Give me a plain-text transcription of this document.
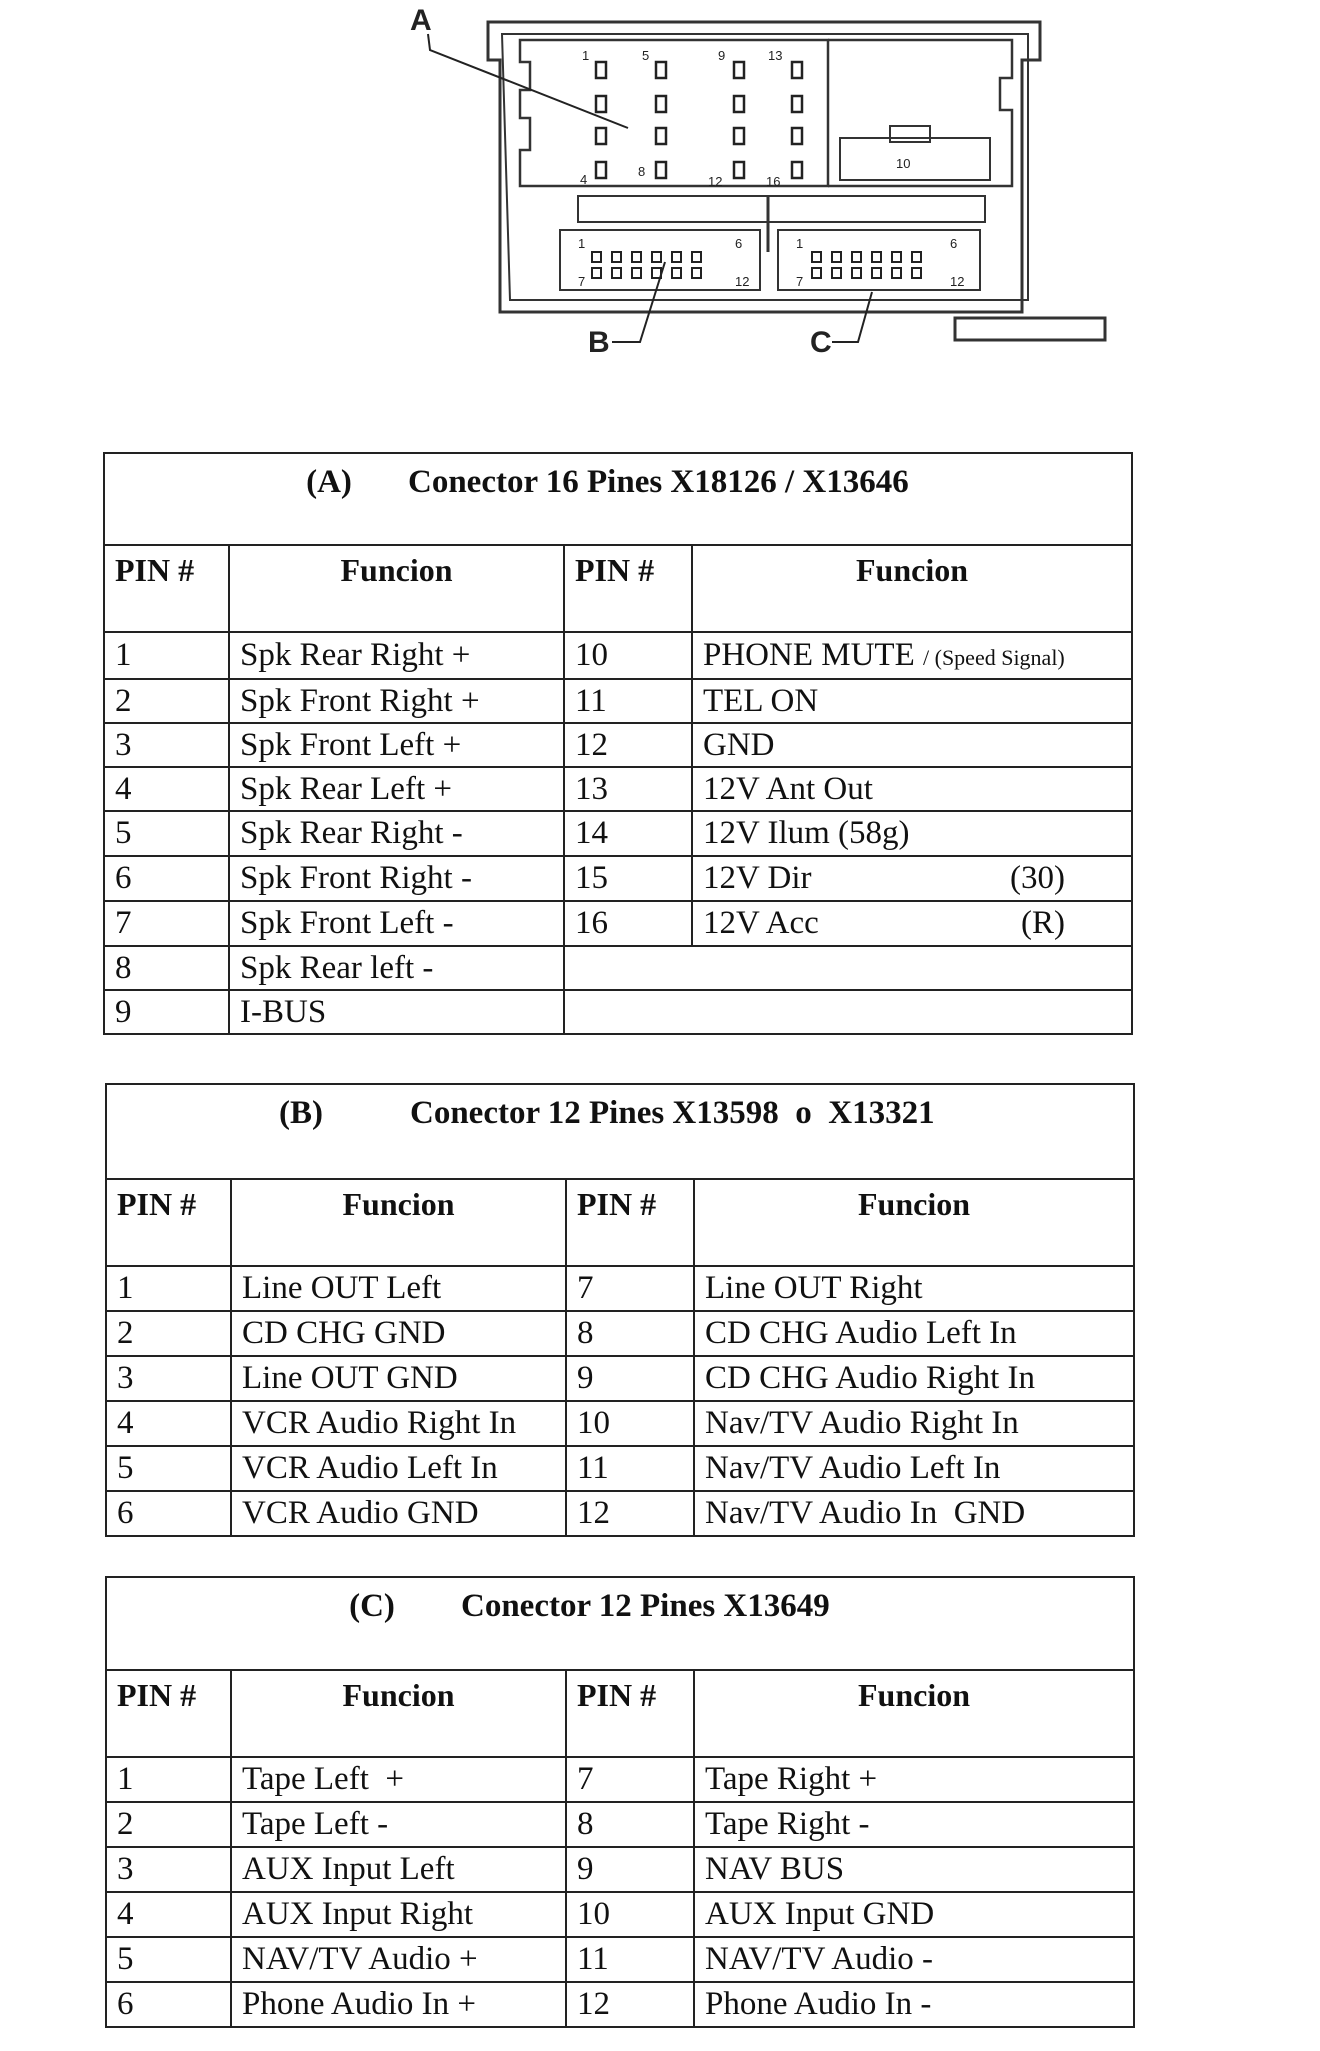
A
B	C
1	5	9	13
4
8
12	16
10
1	6
7	12
1	6
7	12
(A) Conector 16 Pines X18126 / X13646			

PIN #	Funcion	PIN #	Funcion
1	Spk Rear Right +	10	PHONE MUTE / (Speed Signal)
2	Spk Front Right +	11	TEL ON
3	Spk Front Left +	12	GND
4	Spk Rear Left +	13	12V Ant Out
5	Spk Rear Right -	14	12V Ilum (58g)
6	Spk Front Right -	15	12V Dir (30)

7	Spk Front Left -	16	12V Acc (R)

8	Spk Rear left -		
9	I-BUS		
(B) Conector 12 Pines X13598  o  X13321			

PIN #	Funcion	PIN #	Funcion
1	Line OUT Left	7	Line OUT Right
2	CD CHG GND	8	CD CHG Audio Left In
3	Line OUT GND	9	CD CHG Audio Right In
4	VCR Audio Right In	10	Nav/TV Audio Right In
5	VCR Audio Left In	11	Nav/TV Audio Left In
6	VCR Audio GND	12	Nav/TV Audio In  GND
(C) Conector 12 Pines X13649			

PIN #	Funcion	PIN #	Funcion
1	Tape Left  +	7	Tape Right +
2	Tape Left -	8	Tape Right -
3	AUX Input Left	9	NAV BUS
4	AUX Input Right	10	AUX Input GND
5	NAV/TV Audio +	11	NAV/TV Audio -
6	Phone Audio In +	12	Phone Audio In -
